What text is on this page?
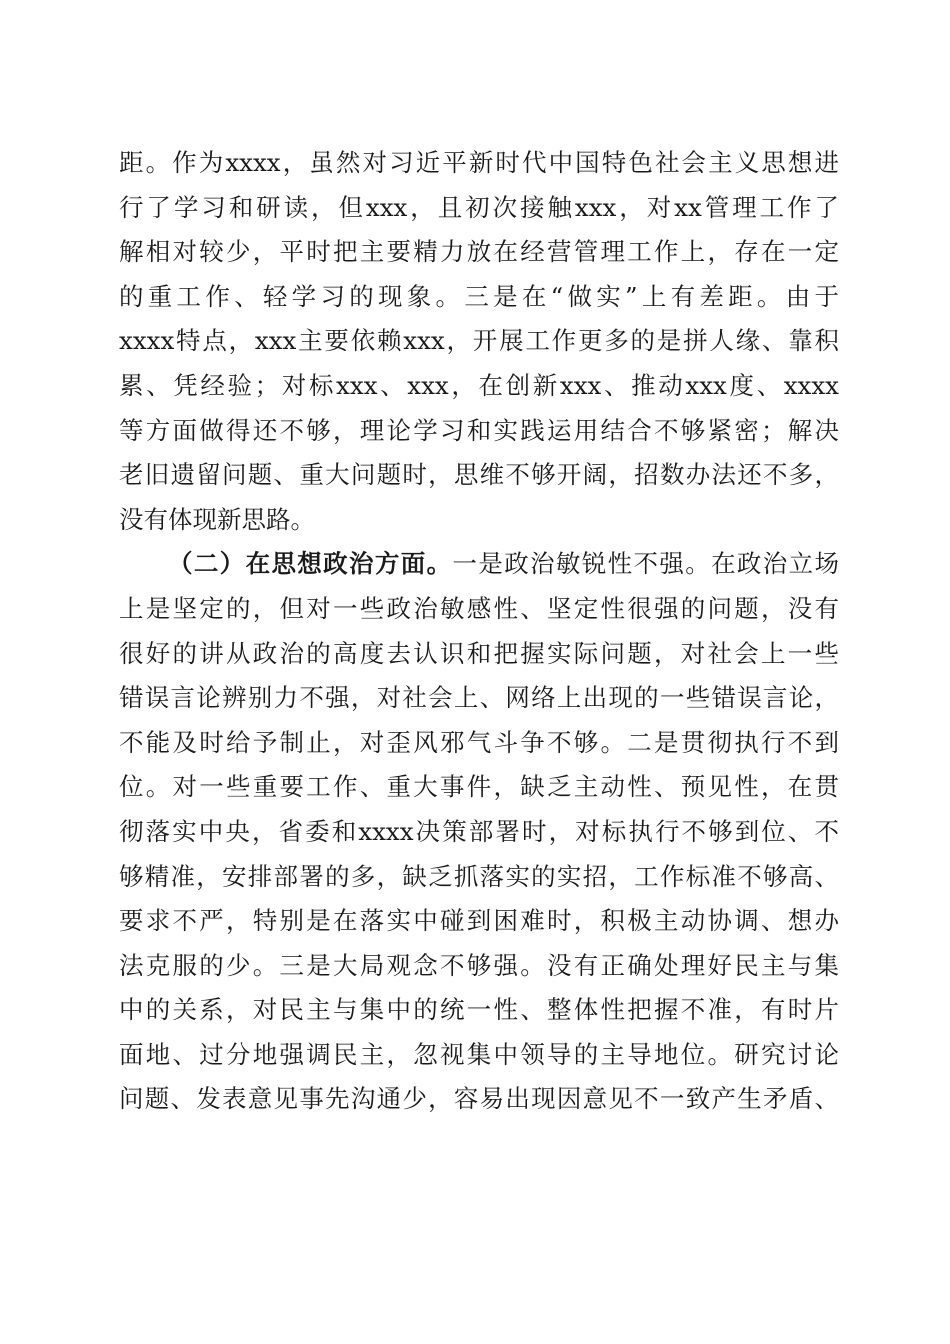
距。作为xxxx，虽然对习近平新时代中国特色社会主义思想进
行了学习和研读，但xxx，且初次接触xxx，对xx管理工作了
解相对较少，平时把主要精力放在经营管理工作上，存在一定
的重工作、轻学习的现象。三是在“做实”上有差距。由于
xxxx特点，xxx主要依赖xxx，开展工作更多的是拼人缘、靠积
累、凭经验；对标xxx、xxx，在创新xxx、推动xxx度、xxxx
等方面做得还不够，理论学习和实践运用结合不够紧密；解决
老旧遗留问题、重大问题时，思维不够开阔，招数办法还不多，
没有体现新思路。
（二）在思想政治方面。一是政治敏锐性不强。在政治立场
上是坚定的，但对一些政治敏感性、坚定性很强的问题，没有
很好的讲从政治的高度去认识和把握实际问题，对社会上一些
错误言论辨别力不强，对社会上、网络上出现的一些错误言论，
不能及时给予制止，对歪风邪气斗争不够。二是贯彻执行不到
位。对一些重要工作、重大事件，缺乏主动性、预见性，在贯
彻落实中央，省委和xxxx决策部署时，对标执行不够到位、不
够精准，安排部署的多，缺乏抓落实的实招，工作标准不够高、
要求不严，特别是在落实中碰到困难时，积极主动协调、想办
法克服的少。三是大局观念不够强。没有正确处理好民主与集
中的关系，对民主与集中的统一性、整体性把握不准，有时片
面地、过分地强调民主，忽视集中领导的主导地位。研究讨论
问题、发表意见事先沟通少，容易出现因意见不一致产生矛盾、
